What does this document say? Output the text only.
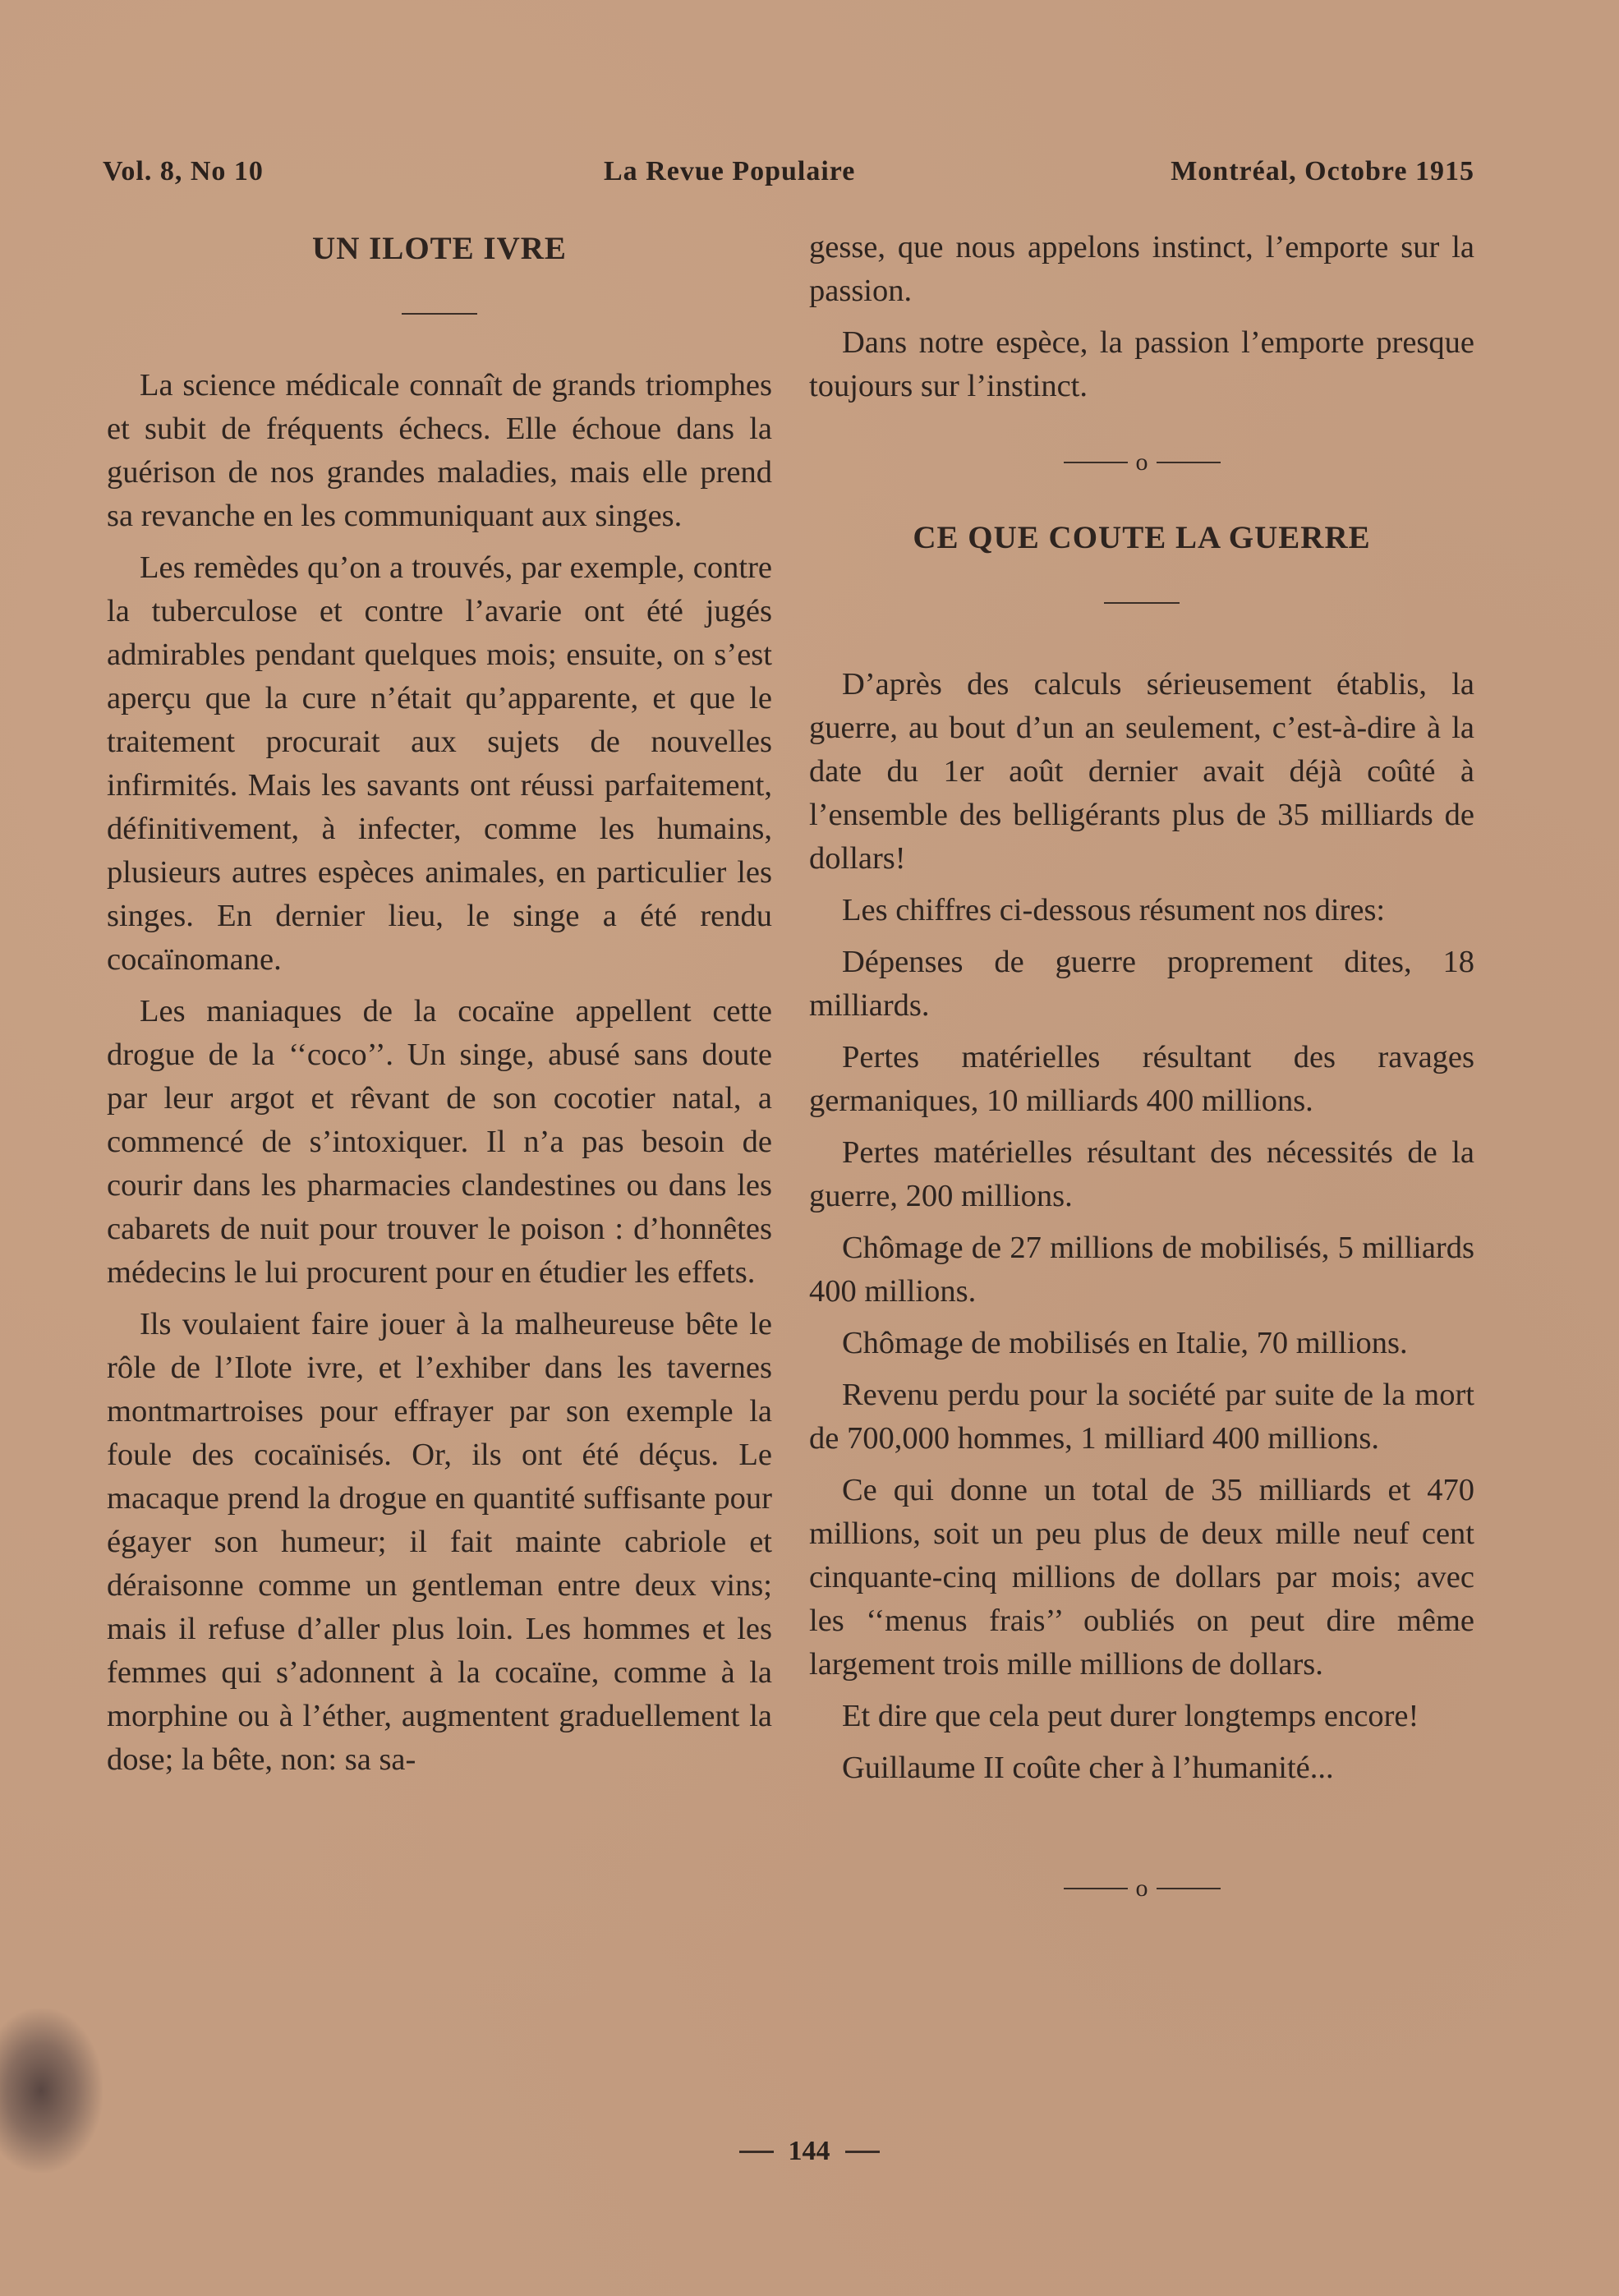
Vol. 8, No 10	La Revue Populaire	Montréal, Octobre 1915
UN ILOTE IVRE

La science médicale connaît de grands triomphes et subit de fréquents échecs. Elle échoue dans la guérison de nos grandes maladies, mais elle prend sa revanche en les communiquant aux singes.

Les remèdes qu’on a trouvés, par exemple, contre la tuberculose et contre l’avarie ont été jugés admirables pendant quelques mois; ensuite, on s’est aperçu que la cure n’était qu’apparente, et que le traitement procurait aux sujets de nouvelles infirmités. Mais les savants ont réussi parfaitement, définitivement, à infecter, comme les humains, plusieurs autres espèces animales, en particulier les singes. En dernier lieu, le singe a été rendu cocaïnomane.

Les maniaques de la cocaïne appellent cette drogue de la ‘‘coco’’. Un singe, abusé sans doute par leur argot et rêvant de son cocotier natal, a commencé de s’intoxiquer. Il n’a pas besoin de courir dans les pharmacies clandestines ou dans les cabarets de nuit pour trouver le poison : d’honnêtes médecins le lui procurent pour en étudier les effets.

Ils voulaient faire jouer à la malheureuse bête le rôle de l’Ilote ivre, et l’exhiber dans les tavernes montmartroises pour effrayer par son exemple la foule des cocaïnisés. Or, ils ont été déçus. Le macaque prend la drogue en quantité suffisante pour égayer son humeur; il fait mainte cabriole et déraisonne comme un gentleman entre deux vins; mais il refuse d’aller plus loin. Les hommes et les femmes qui s’adonnent à la cocaïne, comme à la morphine ou à l’éther, augmentent graduellement la dose; la bête, non: sa sa-

gesse, que nous appelons instinct, l’emporte sur la passion.

Dans notre espèce, la passion l’emporte presque toujours sur l’instinct.

o
CE QUE COUTE LA GUERRE

D’après des calculs sérieusement établis, la guerre, au bout d’un an seulement, c’est-à-dire à la date du 1er août dernier avait déjà coûté à l’ensemble des belligérants plus de 35 milliards de dollars!

Les chiffres ci-dessous résument nos dires:

Dépenses de guerre proprement dites, 18 milliards.

Pertes matérielles résultant des ravages germaniques, 10 milliards 400 millions.

Pertes matérielles résultant des nécessités de la guerre, 200 millions.

Chômage de 27 millions de mobilisés, 5 milliards 400 millions.

Chômage de mobilisés en Italie, 70 millions.

Revenu perdu pour la société par suite de la mort de 700,000 hommes, 1 milliard 400 millions.

Ce qui donne un total de 35 milliards et 470 millions, soit un peu plus de deux mille neuf cent cinquante-cinq millions de dollars par mois; avec les ‘‘menus frais’’ oubliés on peut dire même largement trois mille millions de dollars.

Et dire que cela peut durer longtemps encore!

Guillaume II coûte cher à l’humanité...

o
144
